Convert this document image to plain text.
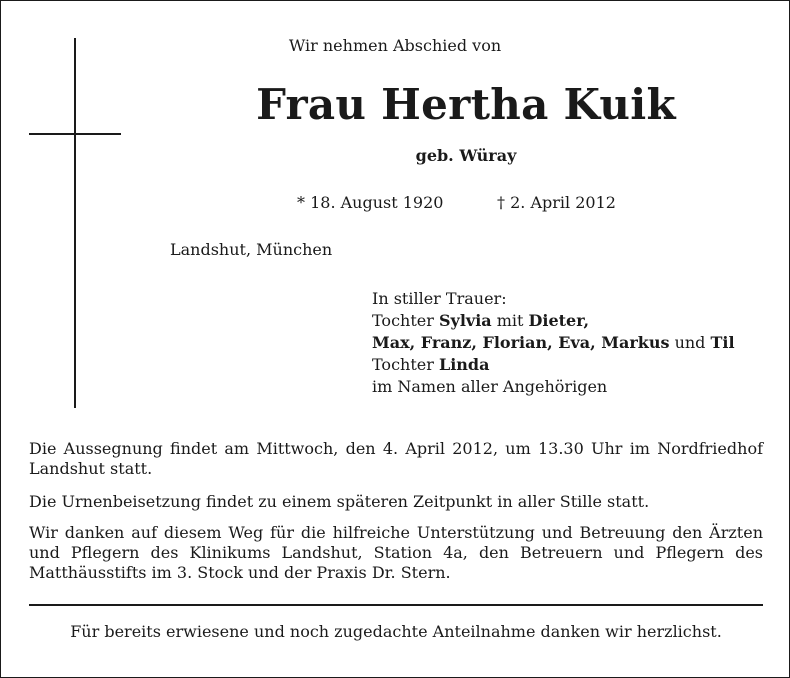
Wir nehmen Abschied von
Frau Hertha Kuik
geb. Würay
* 18. August 1920	† 2. April 2012
Landshut, München
In stiller Trauer:
Tochter Sylvia mit Dieter,
Max, Franz, Florian, Eva, Markus und Til
Tochter Linda
im Namen aller Angehörigen
Die Aussegnung findet am Mittwoch, den 4. April 2012, um 13.30 Uhr im Nordfriedhof Landshut statt.
Die Urnenbeisetzung findet zu einem späteren Zeitpunkt in aller Stille statt.
Wir danken auf diesem Weg für die hilfreiche Unterstützung und Betreuung den Ärzten und Pflegern des Klinikums Landshut, Station 4a, den Betreuern und Pflegern des Matthäusstifts im 3. Stock und der Praxis Dr. Stern.
Für bereits erwiesene und noch zugedachte Anteilnahme danken wir herzlichst.
